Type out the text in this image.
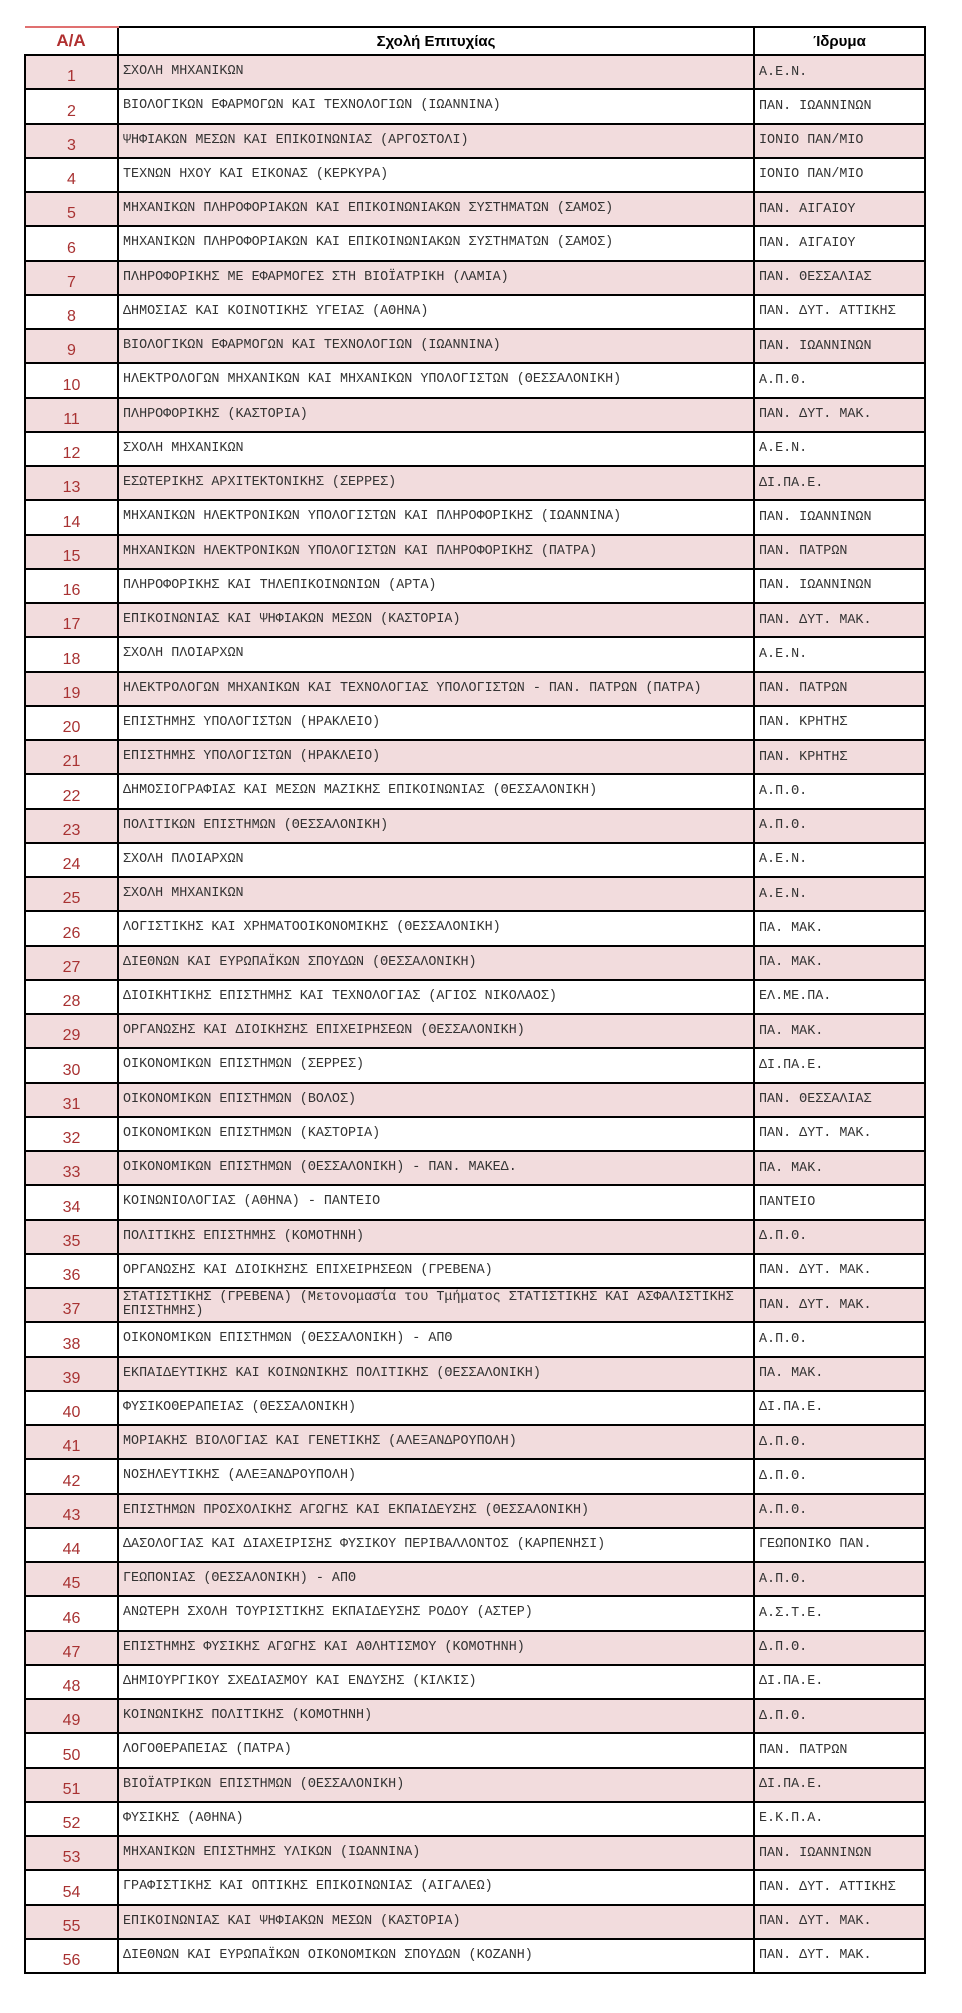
Α/Α	Σχολή Επιτυχίας	Ίδρυμα
1	ΣΧΟΛΗ ΜΗΧΑΝΙΚΩΝ	Α.Ε.Ν.
2	ΒΙΟΛΟΓΙΚΩΝ ΕΦΑΡΜΟΓΩΝ ΚΑΙ ΤΕΧΝΟΛΟΓΙΩΝ (ΙΩΑΝΝΙΝΑ)	ΠΑΝ. ΙΩΑΝΝΙΝΩΝ
3	ΨΗΦΙΑΚΩΝ ΜΕΣΩΝ ΚΑΙ ΕΠΙΚΟΙΝΩΝΙΑΣ (ΑΡΓΟΣΤΟΛΙ)	ΙΟΝΙΟ ΠΑΝ/ΜΙΟ
4	ΤΕΧΝΩΝ ΗΧΟΥ ΚΑΙ ΕΙΚΟΝΑΣ (ΚΕΡΚΥΡΑ)	ΙΟΝΙΟ ΠΑΝ/ΜΙΟ
5	ΜΗΧΑΝΙΚΩΝ ΠΛΗΡΟΦΟΡΙΑΚΩΝ ΚΑΙ ΕΠΙΚΟΙΝΩΝΙΑΚΩΝ ΣΥΣΤΗΜΑΤΩΝ (ΣΑΜΟΣ)	ΠΑΝ. ΑΙΓΑΙΟΥ
6	ΜΗΧΑΝΙΚΩΝ ΠΛΗΡΟΦΟΡΙΑΚΩΝ ΚΑΙ ΕΠΙΚΟΙΝΩΝΙΑΚΩΝ ΣΥΣΤΗΜΑΤΩΝ (ΣΑΜΟΣ)	ΠΑΝ. ΑΙΓΑΙΟΥ
7	ΠΛΗΡΟΦΟΡΙΚΗΣ ΜΕ ΕΦΑΡΜΟΓΕΣ ΣΤΗ ΒΙΟΪΑΤΡΙΚΗ (ΛΑΜΙΑ)	ΠΑΝ. ΘΕΣΣΑΛΙΑΣ
8	ΔΗΜΟΣΙΑΣ ΚΑΙ ΚΟΙΝΟΤΙΚΗΣ ΥΓΕΙΑΣ (ΑΘΗΝΑ)	ΠΑΝ. ΔΥΤ. ΑΤΤΙΚΗΣ
9	ΒΙΟΛΟΓΙΚΩΝ ΕΦΑΡΜΟΓΩΝ ΚΑΙ ΤΕΧΝΟΛΟΓΙΩΝ (ΙΩΑΝΝΙΝΑ)	ΠΑΝ. ΙΩΑΝΝΙΝΩΝ
10	ΗΛΕΚΤΡΟΛΟΓΩΝ ΜΗΧΑΝΙΚΩΝ ΚΑΙ ΜΗΧΑΝΙΚΩΝ ΥΠΟΛΟΓΙΣΤΩΝ (ΘΕΣΣΑΛΟΝΙΚΗ)	Α.Π.Θ.
11	ΠΛΗΡΟΦΟΡΙΚΗΣ (ΚΑΣΤΟΡΙΑ)	ΠΑΝ. ΔΥΤ. ΜΑΚ.
12	ΣΧΟΛΗ ΜΗΧΑΝΙΚΩΝ	Α.Ε.Ν.
13	ΕΣΩΤΕΡΙΚΗΣ ΑΡΧΙΤΕΚΤΟΝΙΚΗΣ (ΣΕΡΡΕΣ)	ΔΙ.ΠΑ.Ε.
14	ΜΗΧΑΝΙΚΩΝ ΗΛΕΚΤΡΟΝΙΚΩΝ ΥΠΟΛΟΓΙΣΤΩΝ ΚΑΙ ΠΛΗΡΟΦΟΡΙΚΗΣ (ΙΩΑΝΝΙΝΑ)	ΠΑΝ. ΙΩΑΝΝΙΝΩΝ
15	ΜΗΧΑΝΙΚΩΝ ΗΛΕΚΤΡΟΝΙΚΩΝ ΥΠΟΛΟΓΙΣΤΩΝ ΚΑΙ ΠΛΗΡΟΦΟΡΙΚΗΣ (ΠΑΤΡΑ)	ΠΑΝ. ΠΑΤΡΩΝ
16	ΠΛΗΡΟΦΟΡΙΚΗΣ ΚΑΙ ΤΗΛΕΠΙΚΟΙΝΩΝΙΩΝ (ΑΡΤΑ)	ΠΑΝ. ΙΩΑΝΝΙΝΩΝ
17	ΕΠΙΚΟΙΝΩΝΙΑΣ ΚΑΙ ΨΗΦΙΑΚΩΝ ΜΕΣΩΝ (ΚΑΣΤΟΡΙΑ)	ΠΑΝ. ΔΥΤ. ΜΑΚ.
18	ΣΧΟΛΗ ΠΛΟΙΑΡΧΩΝ	Α.Ε.Ν.
19	ΗΛΕΚΤΡΟΛΟΓΩΝ ΜΗΧΑΝΙΚΩΝ ΚΑΙ ΤΕΧΝΟΛΟΓΙΑΣ ΥΠΟΛΟΓΙΣΤΩΝ - ΠΑΝ. ΠΑΤΡΩΝ (ΠΑΤΡΑ)	ΠΑΝ. ΠΑΤΡΩΝ
20	ΕΠΙΣΤΗΜΗΣ ΥΠΟΛΟΓΙΣΤΩΝ (ΗΡΑΚΛΕΙΟ)	ΠΑΝ. ΚΡΗΤΗΣ
21	ΕΠΙΣΤΗΜΗΣ ΥΠΟΛΟΓΙΣΤΩΝ (ΗΡΑΚΛΕΙΟ)	ΠΑΝ. ΚΡΗΤΗΣ
22	ΔΗΜΟΣΙΟΓΡΑΦΙΑΣ ΚΑΙ ΜΕΣΩΝ ΜΑΖΙΚΗΣ ΕΠΙΚΟΙΝΩΝΙΑΣ (ΘΕΣΣΑΛΟΝΙΚΗ)	Α.Π.Θ.
23	ΠΟΛΙΤΙΚΩΝ ΕΠΙΣΤΗΜΩΝ (ΘΕΣΣΑΛΟΝΙΚΗ)	Α.Π.Θ.
24	ΣΧΟΛΗ ΠΛΟΙΑΡΧΩΝ	Α.Ε.Ν.
25	ΣΧΟΛΗ ΜΗΧΑΝΙΚΩΝ	Α.Ε.Ν.
26	ΛΟΓΙΣΤΙΚΗΣ ΚΑΙ ΧΡΗΜΑΤΟΟΙΚΟΝΟΜΙΚΗΣ (ΘΕΣΣΑΛΟΝΙΚΗ)	ΠΑ. ΜΑΚ.
27	ΔΙΕΘΝΩΝ ΚΑΙ ΕΥΡΩΠΑΪΚΩΝ ΣΠΟΥΔΩΝ (ΘΕΣΣΑΛΟΝΙΚΗ)	ΠΑ. ΜΑΚ.
28	ΔΙΟΙΚΗΤΙΚΗΣ ΕΠΙΣΤΗΜΗΣ ΚΑΙ ΤΕΧΝΟΛΟΓΙΑΣ (ΑΓΙΟΣ ΝΙΚΟΛΑΟΣ)	ΕΛ.ΜΕ.ΠΑ.
29	ΟΡΓΑΝΩΣΗΣ ΚΑΙ ΔΙΟΙΚΗΣΗΣ ΕΠΙΧΕΙΡΗΣΕΩΝ (ΘΕΣΣΑΛΟΝΙΚΗ)	ΠΑ. ΜΑΚ.
30	ΟΙΚΟΝΟΜΙΚΩΝ ΕΠΙΣΤΗΜΩΝ (ΣΕΡΡΕΣ)	ΔΙ.ΠΑ.Ε.
31	ΟΙΚΟΝΟΜΙΚΩΝ ΕΠΙΣΤΗΜΩΝ (ΒΟΛΟΣ)	ΠΑΝ. ΘΕΣΣΑΛΙΑΣ
32	ΟΙΚΟΝΟΜΙΚΩΝ ΕΠΙΣΤΗΜΩΝ (ΚΑΣΤΟΡΙΑ)	ΠΑΝ. ΔΥΤ. ΜΑΚ.
33	ΟΙΚΟΝΟΜΙΚΩΝ ΕΠΙΣΤΗΜΩΝ (ΘΕΣΣΑΛΟΝΙΚΗ) - ΠΑΝ. ΜΑΚΕΔ.	ΠΑ. ΜΑΚ.
34	ΚΟΙΝΩΝΙΟΛΟΓΙΑΣ (ΑΘΗΝΑ) - ΠΑΝΤΕΙΟ	ΠΑΝΤΕΙΟ
35	ΠΟΛΙΤΙΚΗΣ ΕΠΙΣΤΗΜΗΣ (ΚΟΜΟΤΗΝΗ)	Δ.Π.Θ.
36	ΟΡΓΑΝΩΣΗΣ ΚΑΙ ΔΙΟΙΚΗΣΗΣ ΕΠΙΧΕΙΡΗΣΕΩΝ (ΓΡΕΒΕΝΑ)	ΠΑΝ. ΔΥΤ. ΜΑΚ.
37	ΣΤΑΤΙΣΤΙΚΗΣ (ΓΡΕΒΕΝΑ) (Μετονομασία του Τμήματος ΣΤΑΤΙΣΤΙΚΗΣ ΚΑΙ ΑΣΦΑΛΙΣΤΙΚΗΣ ΕΠΙΣΤΗΜΗΣ)	ΠΑΝ. ΔΥΤ. ΜΑΚ.
38	ΟΙΚΟΝΟΜΙΚΩΝ ΕΠΙΣΤΗΜΩΝ (ΘΕΣΣΑΛΟΝΙΚΗ) - ΑΠΘ	Α.Π.Θ.
39	ΕΚΠΑΙΔΕΥΤΙΚΗΣ ΚΑΙ ΚΟΙΝΩΝΙΚΗΣ ΠΟΛΙΤΙΚΗΣ (ΘΕΣΣΑΛΟΝΙΚΗ)	ΠΑ. ΜΑΚ.
40	ΦΥΣΙΚΟΘΕΡΑΠΕΙΑΣ (ΘΕΣΣΑΛΟΝΙΚΗ)	ΔΙ.ΠΑ.Ε.
41	ΜΟΡΙΑΚΗΣ ΒΙΟΛΟΓΙΑΣ ΚΑΙ ΓΕΝΕΤΙΚΗΣ (ΑΛΕΞΑΝΔΡΟΥΠΟΛΗ)	Δ.Π.Θ.
42	ΝΟΣΗΛΕΥΤΙΚΗΣ (ΑΛΕΞΑΝΔΡΟΥΠΟΛΗ)	Δ.Π.Θ.
43	ΕΠΙΣΤΗΜΩΝ ΠΡΟΣΧΟΛΙΚΗΣ ΑΓΩΓΗΣ ΚΑΙ ΕΚΠΑΙΔΕΥΣΗΣ (ΘΕΣΣΑΛΟΝΙΚΗ)	Α.Π.Θ.
44	ΔΑΣΟΛΟΓΙΑΣ ΚΑΙ ΔΙΑΧΕΙΡΙΣΗΣ ΦΥΣΙΚΟΥ ΠΕΡΙΒΑΛΛΟΝΤΟΣ (ΚΑΡΠΕΝΗΣΙ)	ΓΕΩΠΟΝΙΚΟ ΠΑΝ.
45	ΓΕΩΠΟΝΙΑΣ (ΘΕΣΣΑΛΟΝΙΚΗ) - ΑΠΘ	Α.Π.Θ.
46	ΑΝΩΤΕΡΗ ΣΧΟΛΗ ΤΟΥΡΙΣΤΙΚΗΣ ΕΚΠΑΙΔΕΥΣΗΣ ΡΟΔΟΥ (ΑΣΤΕΡ)	Α.Σ.Τ.Ε.
47	ΕΠΙΣΤΗΜΗΣ ΦΥΣΙΚΗΣ ΑΓΩΓΗΣ ΚΑΙ ΑΘΛΗΤΙΣΜΟΥ (ΚΟΜΟΤΗΝΗ)	Δ.Π.Θ.
48	ΔΗΜΙΟΥΡΓΙΚΟΥ ΣΧΕΔΙΑΣΜΟΥ ΚΑΙ ΕΝΔΥΣΗΣ (ΚΙΛΚΙΣ)	ΔΙ.ΠΑ.Ε.
49	ΚΟΙΝΩΝΙΚΗΣ ΠΟΛΙΤΙΚΗΣ (ΚΟΜΟΤΗΝΗ)	Δ.Π.Θ.
50	ΛΟΓΟΘΕΡΑΠΕΙΑΣ (ΠΑΤΡΑ)	ΠΑΝ. ΠΑΤΡΩΝ
51	ΒΙΟΪΑΤΡΙΚΩΝ ΕΠΙΣΤΗΜΩΝ (ΘΕΣΣΑΛΟΝΙΚΗ)	ΔΙ.ΠΑ.Ε.
52	ΦΥΣΙΚΗΣ (ΑΘΗΝΑ)	Ε.Κ.Π.Α.
53	ΜΗΧΑΝΙΚΩΝ ΕΠΙΣΤΗΜΗΣ ΥΛΙΚΩΝ (ΙΩΑΝΝΙΝΑ)	ΠΑΝ. ΙΩΑΝΝΙΝΩΝ
54	ΓΡΑΦΙΣΤΙΚΗΣ ΚΑΙ ΟΠΤΙΚΗΣ ΕΠΙΚΟΙΝΩΝΙΑΣ (ΑΙΓΑΛΕΩ)	ΠΑΝ. ΔΥΤ. ΑΤΤΙΚΗΣ
55	ΕΠΙΚΟΙΝΩΝΙΑΣ ΚΑΙ ΨΗΦΙΑΚΩΝ ΜΕΣΩΝ (ΚΑΣΤΟΡΙΑ)	ΠΑΝ. ΔΥΤ. ΜΑΚ.
56	ΔΙΕΘΝΩΝ ΚΑΙ ΕΥΡΩΠΑΪΚΩΝ ΟΙΚΟΝΟΜΙΚΩΝ ΣΠΟΥΔΩΝ (ΚΟΖΑΝΗ)	ΠΑΝ. ΔΥΤ. ΜΑΚ.
